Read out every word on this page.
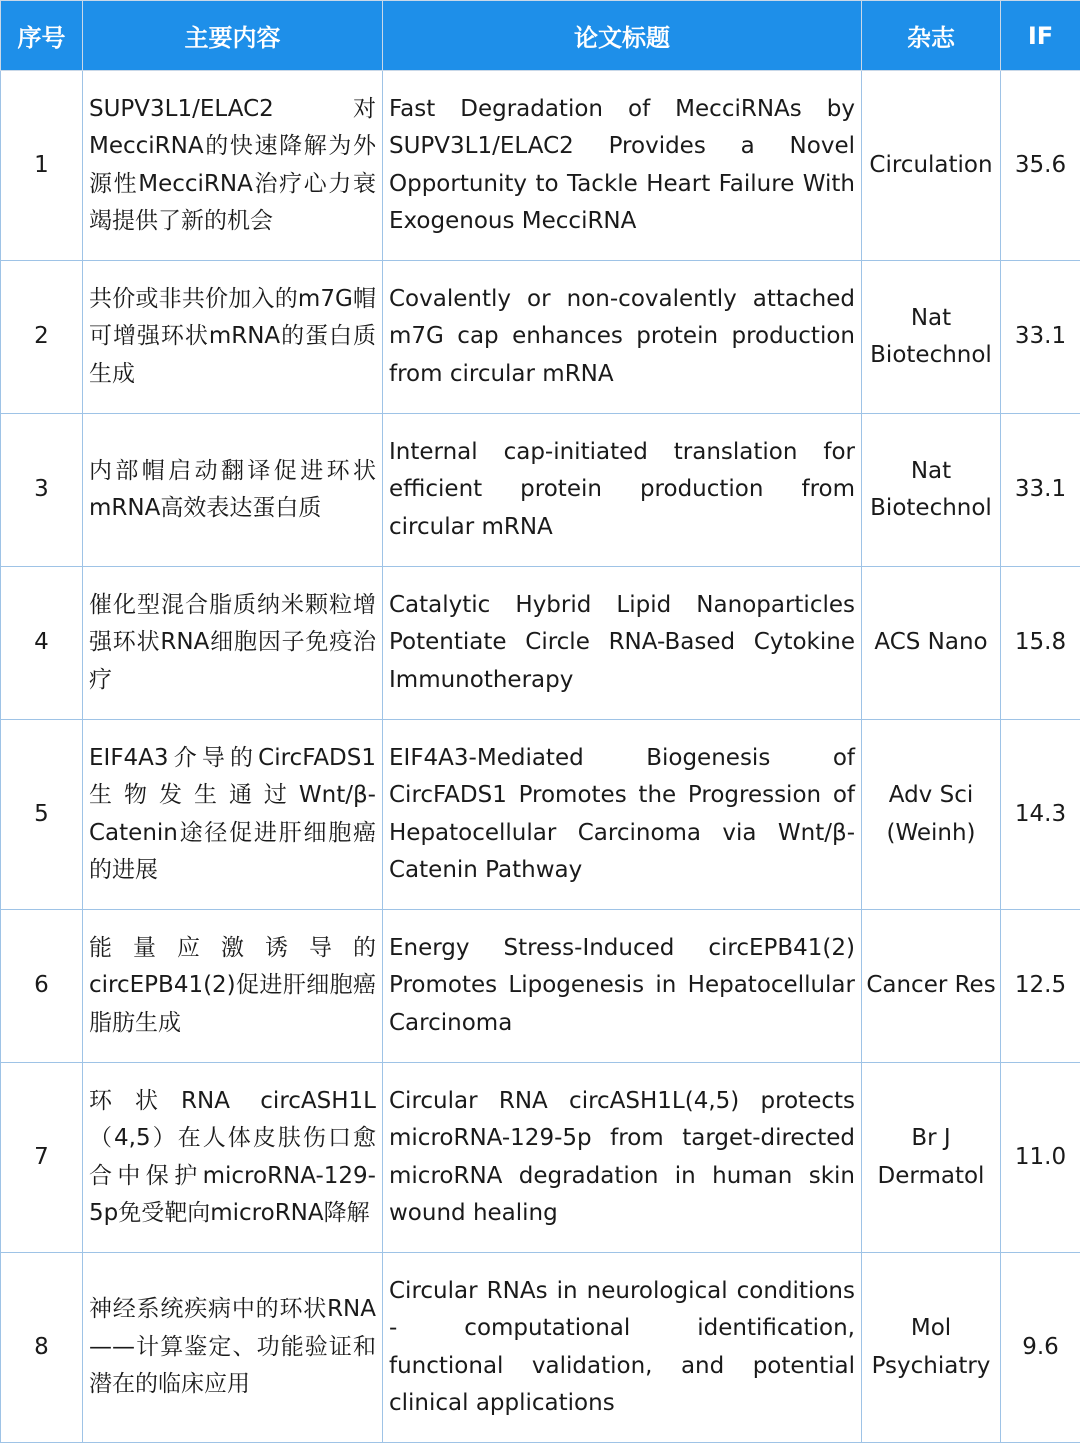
序号	主要内容	论文标题	杂志	IF
1	SUPV3L1/ELAC2 对MecciRNA的快速降解为外源性MecciRNA治疗心力衰竭提供了新的机会	Fast Degradation of MecciRNAs by SUPV3L1/ELAC2 Provides a Novel Opportunity to Tackle Heart Failure With Exogenous MecciRNA	Circulation	35.6
2	共价或非共价加入的m7G帽可增强环状mRNA的蛋白质生成	Covalently or non-covalently attached m7G cap enhances protein production from circular mRNA	Nat Biotechnol	33.1
3	内部帽启动翻译促进环状mRNA高效表达蛋白质	Internal cap-initiated translation for efficient protein production from circular mRNA	Nat Biotechnol	33.1
4	催化型混合脂质纳米颗粒增强环状RNA细胞因子免疫治疗	Catalytic Hybrid Lipid Nanoparticles Potentiate Circle RNA-Based Cytokine Immunotherapy	ACS Nano	15.8
5	EIF4A3介导的CircFADS1生物发生通过Wnt/β-Catenin途径促进肝细胞癌的进展	EIF4A3-Mediated Biogenesis of CircFADS1 Promotes the Progression of Hepatocellular Carcinoma via Wnt/β-Catenin Pathway	Adv Sci (Weinh)	14.3
6	能量应激诱导的circEPB41(2)促进肝细胞癌脂肪生成	Energy Stress-Induced circEPB41(2) Promotes Lipogenesis in Hepatocellular Carcinoma	Cancer Res	12.5
7	环状RNA circASH1L（4,5）在人体皮肤伤口愈合中保护microRNA-129-5p免受靶向microRNA降解	Circular RNA circASH1L(4,5) protects microRNA-129-5p from target-directed microRNA degradation in human skin wound healing	Br J Dermatol	11.0
8	神经系统疾病中的环状RNA——计算鉴定、功能验证和潜在的临床应用	Circular RNAs in neurological conditions - computational identification, functional validation, and potential clinical applications	Mol Psychiatry	9.6
